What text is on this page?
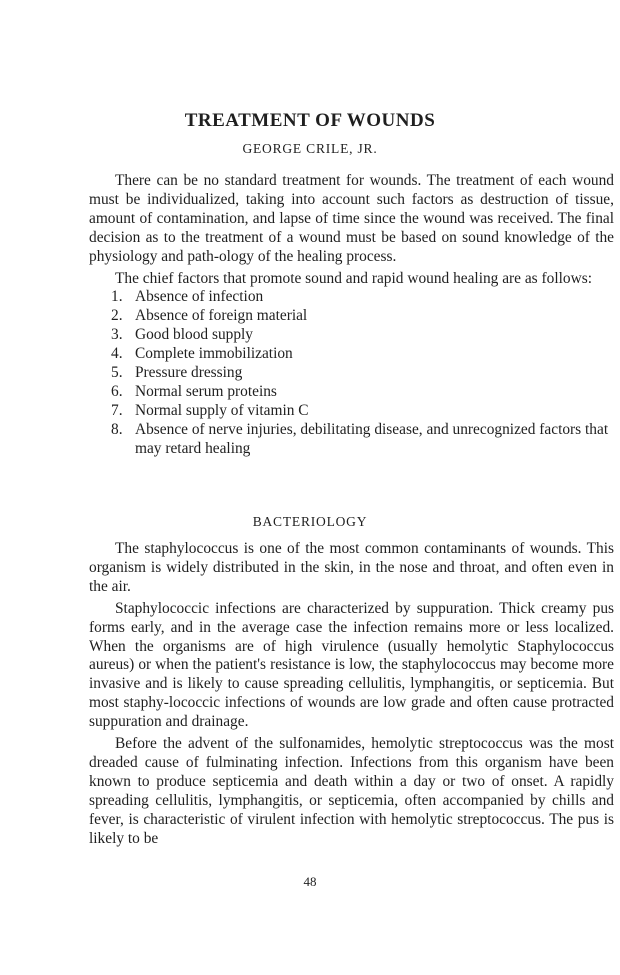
TREATMENT OF WOUNDS
GEORGE CRILE, JR.

There can be no standard treatment for wounds. The treatment of each wound must be individualized, taking into account such factors as destruction of tissue, amount of contamination, and lapse of time since the wound was received. The final decision as to the treatment of a wound must be based on sound knowledge of the physiology and path-ology of the healing process.

The chief factors that promote sound and rapid wound healing are as follows:

1. Absence of infection
2. Absence of foreign material
3. Good blood supply
4. Complete immobilization
5. Pressure dressing
6. Normal serum proteins
7. Normal supply of vitamin C
8. Absence of nerve injuries, debilitating disease, and unrecognized factors that may retard healing
BACTERIOLOGY

The staphylococcus is one of the most common contaminants of wounds. This organism is widely distributed in the skin, in the nose and throat, and often even in the air.

Staphylococcic infections are characterized by suppuration. Thick creamy pus forms early, and in the average case the infection remains more or less localized. When the organisms are of high virulence (usually hemolytic Staphylococcus aureus) or when the patient's resistance is low, the staphylococcus may become more invasive and is likely to cause spreading cellulitis, lymphangitis, or septicemia. But most staphy-lococcic infections of wounds are low grade and often cause protracted suppuration and drainage.

Before the advent of the sulfonamides, hemolytic streptococcus was the most dreaded cause of fulminating infection. Infections from this organism have been known to produce septicemia and death within a day or two of onset. A rapidly spreading cellulitis, lymphangitis, or septicemia, often accompanied by chills and fever, is characteristic of virulent infection with hemolytic streptococcus. The pus is likely to be

48
